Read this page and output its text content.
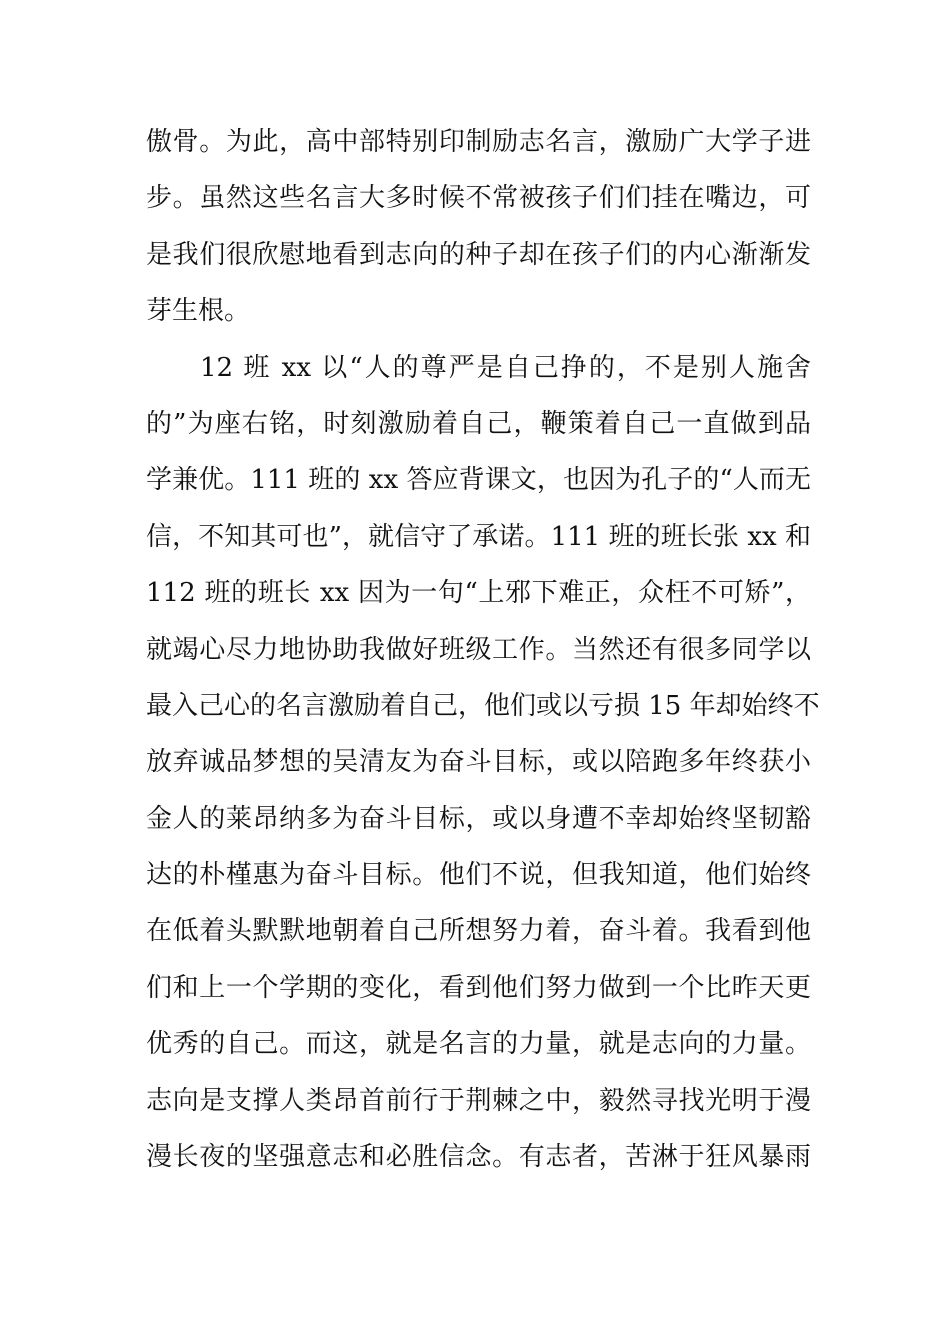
傲骨。为此，高中部特别印制励志名言，激励广大学子进
步。虽然这些名言大多时候不常被孩子们们挂在嘴边，可
是我们很欣慰地看到志向的种子却在孩子们的内心渐渐发
芽生根。
12 班 xx 以“人的尊严是自己挣的，不是别人施舍
的”为座右铭，时刻激励着自己，鞭策着自己一直做到品
学兼优。111 班的 xx 答应背课文，也因为孔子的“人而无
信，不知其可也”，就信守了承诺。111 班的班长张 xx 和
112 班的班长 xx 因为一句“上邪下难正，众枉不可矫”，
就竭心尽力地协助我做好班级工作。当然还有很多同学以
最入己心的名言激励着自己，他们或以亏损 15 年却始终不
放弃诚品梦想的吴清友为奋斗目标，或以陪跑多年终获小
金人的莱昂纳多为奋斗目标，或以身遭不幸却始终坚韧豁
达的朴槿惠为奋斗目标。他们不说，但我知道，他们始终
在低着头默默地朝着自己所想努力着，奋斗着。我看到他
们和上一个学期的变化，看到他们努力做到一个比昨天更
优秀的自己。而这，就是名言的力量，就是志向的力量。
志向是支撑人类昂首前行于荆棘之中，毅然寻找光明于漫
漫长夜的坚强意志和必胜信念。有志者，苦淋于狂风暴雨
